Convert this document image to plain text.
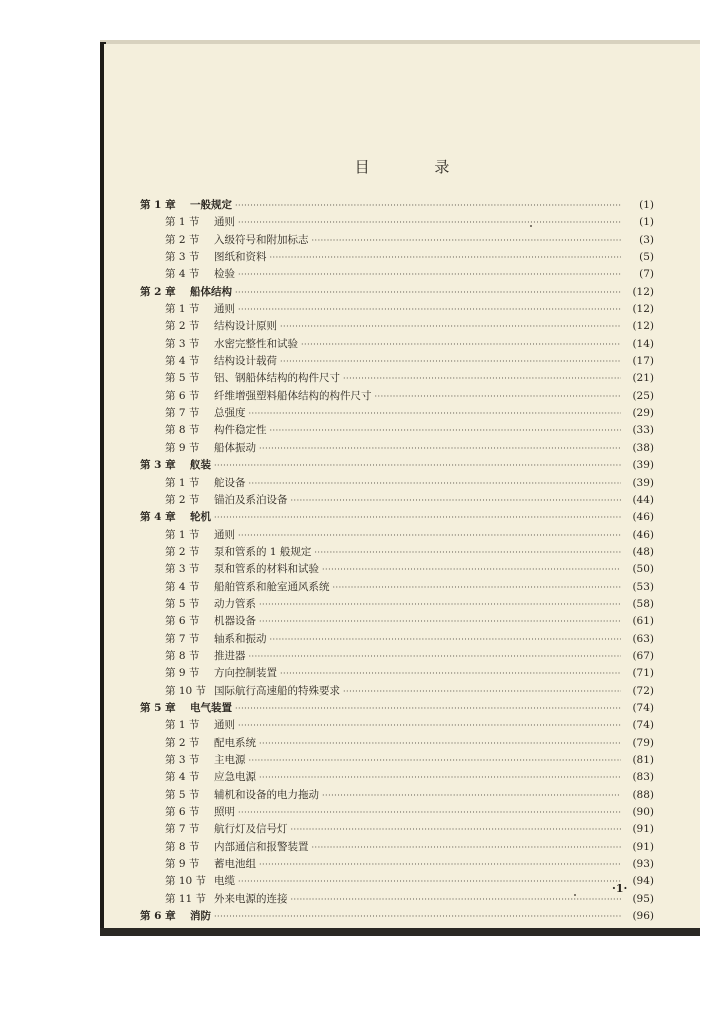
目 录
第 1 章	一般规定 ·····	(1)
第 1 节	通则 ·····	(1)
第 2 节	入级符号和附加标志 ·····	(3)
第 3 节	图纸和资料 ·····	(5)
第 4 节	检验 ·····	(7)
第 2 章	船体结构 ·····	(12)
第 1 节	通则 ·····	(12)
第 2 节	结构设计原则 ·····	(12)
第 3 节	水密完整性和试验 ·····	(14)
第 4 节	结构设计载荷 ·····	(17)
第 5 节	铝、钢船体结构的构件尺寸 ·····	(21)
第 6 节	纤维增强塑料船体结构的构件尺寸 ·····	(25)
第 7 节	总强度 ·····	(29)
第 8 节	构件稳定性 ·····	(33)
第 9 节	船体振动 ·····	(38)
第 3 章	舣装 ·····	(39)
第 1 节	舵设备 ·····	(39)
第 2 节	锚泊及系泊设备 ·····	(44)
第 4 章	轮机 ·····	(46)
第 1 节	通则 ·····	(46)
第 2 节	泵和管系的 1 般规定 ·····	(48)
第 3 节	泵和管系的材料和试验 ·····	(50)
第 4 节	船舶管系和舱室通风系统 ·····	(53)
第 5 节	动力管系 ·····	(58)
第 6 节	机器设备 ·····	(61)
第 7 节	轴系和振动 ·····	(63)
第 8 节	推进器 ·····	(67)
第 9 节	方向控制装置 ·····	(71)
第 10 节 国际航行高速船的特殊要求 ·····	(72)
第 5 章	电气装置 ·····	(74)
第 1 节	通则 ·····	(74)
第 2 节	配电系统 ·····	(79)
第 3 节	主电源 ·····	(81)
第 4 节	应急电源 ·····	(83)
第 5 节	辅机和设备的电力拖动 ·····	(88)
第 6 节	照明 ·····	(90)
第 7 节	航行灯及信号灯 ·····	(91)
第 8 节	内部通信和报警装置 ·····	(91)
第 9 节	蓄电池组 ·····	(93)
第 10 节 电缆 ·····	(94)
第 11 节 外来电源的连接 ·····	(95)
第 6 章	消防 ·····	(96)
·1·
